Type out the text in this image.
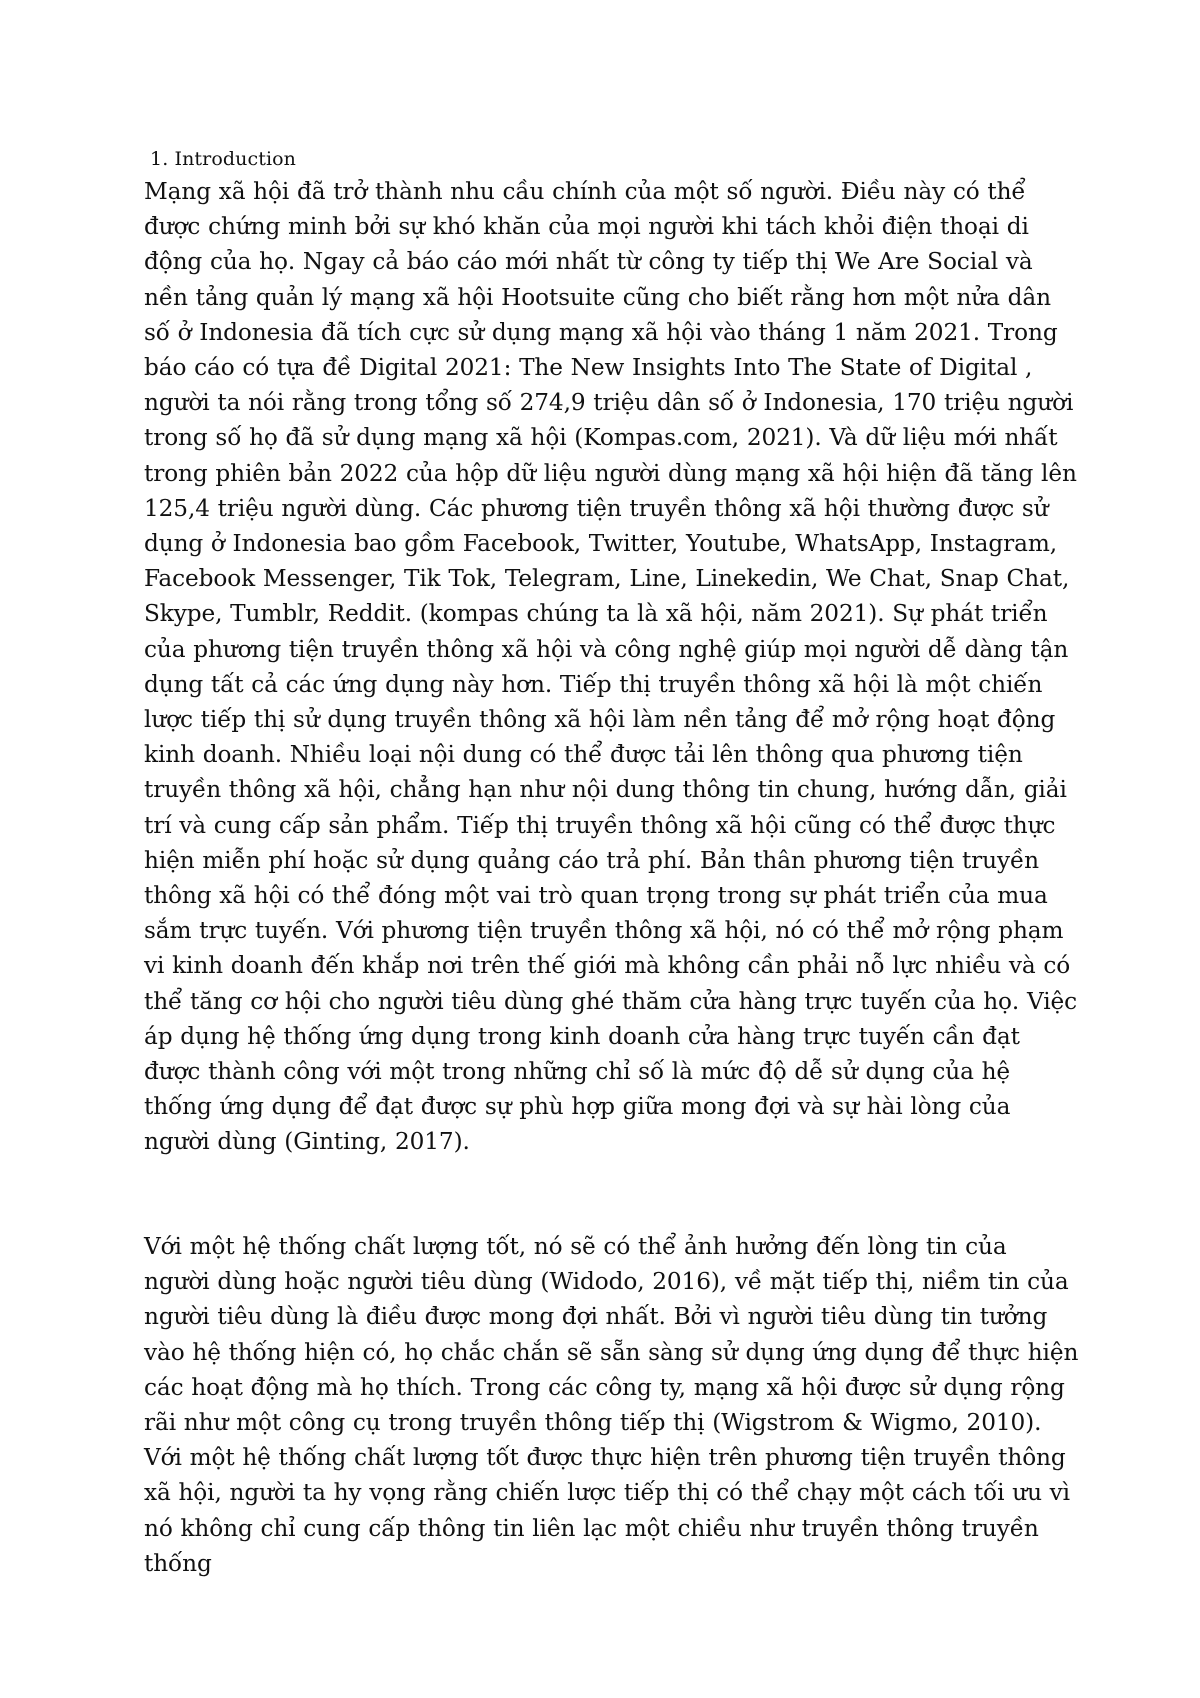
1. Introduction

Mạng xã hội đã trở thành nhu cầu chính của một số người. Điều này có thể được chứng minh bởi sự khó khăn của mọi người khi tách khỏi điện thoại di động của họ. Ngay cả báo cáo mới nhất từ công ty tiếp thị We Are Social và nền tảng quản lý mạng xã hội Hootsuite cũng cho biết rằng hơn một nửa dân số ở Indonesia đã tích cực sử dụng mạng xã hội vào tháng 1 năm 2021. Trong báo cáo có tựa đề Digital 2021: The New Insights Into The State of Digital , người ta nói rằng trong tổng số 274,9 triệu dân số ở Indonesia, 170 triệu người trong số họ đã sử dụng mạng xã hội (Kompas.com, 2021). Và dữ liệu mới nhất trong phiên bản 2022 của hộp dữ liệu người dùng mạng xã hội hiện đã tăng lên 125,4 triệu người dùng. Các phương tiện truyền thông xã hội thường được sử dụng ở Indonesia bao gồm Facebook, Twitter, Youtube, WhatsApp, Instagram, Facebook Messenger, Tik Tok, Telegram, Line, Linekedin, We Chat, Snap Chat, Skype, Tumblr, Reddit. (kompas chúng ta là xã hội, năm 2021). Sự phát triển của phương tiện truyền thông xã hội và công nghệ giúp mọi người dễ dàng tận dụng tất cả các ứng dụng này hơn. Tiếp thị truyền thông xã hội là một chiến lược tiếp thị sử dụng truyền thông xã hội làm nền tảng để mở rộng hoạt động kinh doanh. Nhiều loại nội dung có thể được tải lên thông qua phương tiện truyền thông xã hội, chẳng hạn như nội dung thông tin chung, hướng dẫn, giải trí và cung cấp sản phẩm. Tiếp thị truyền thông xã hội cũng có thể được thực hiện miễn phí hoặc sử dụng quảng cáo trả phí. Bản thân phương tiện truyền thông xã hội có thể đóng một vai trò quan trọng trong sự phát triển của mua sắm trực tuyến. Với phương tiện truyền thông xã hội, nó có thể mở rộng phạm vi kinh doanh đến khắp nơi trên thế giới mà không cần phải nỗ lực nhiều và có thể tăng cơ hội cho người tiêu dùng ghé thăm cửa hàng trực tuyến của họ. Việc áp dụng hệ thống ứng dụng trong kinh doanh cửa hàng trực tuyến cần đạt được thành công với một trong những chỉ số là mức độ dễ sử dụng của hệ thống ứng dụng để đạt được sự phù hợp giữa mong đợi và sự hài lòng của người dùng (Ginting, 2017).

Với một hệ thống chất lượng tốt, nó sẽ có thể ảnh hưởng đến lòng tin của người dùng hoặc người tiêu dùng (Widodo, 2016), về mặt tiếp thị, niềm tin của người tiêu dùng là điều được mong đợi nhất. Bởi vì người tiêu dùng tin tưởng vào hệ thống hiện có, họ chắc chắn sẽ sẵn sàng sử dụng ứng dụng để thực hiện các hoạt động mà họ thích. Trong các công ty, mạng xã hội được sử dụng rộng rãi như một công cụ trong truyền thông tiếp thị (Wigstrom & Wigmo, 2010). Với một hệ thống chất lượng tốt được thực hiện trên phương tiện truyền thông xã hội, người ta hy vọng rằng chiến lược tiếp thị có thể chạy một cách tối ưu vì nó không chỉ cung cấp thông tin liên lạc một chiều như truyền thông truyền thống
